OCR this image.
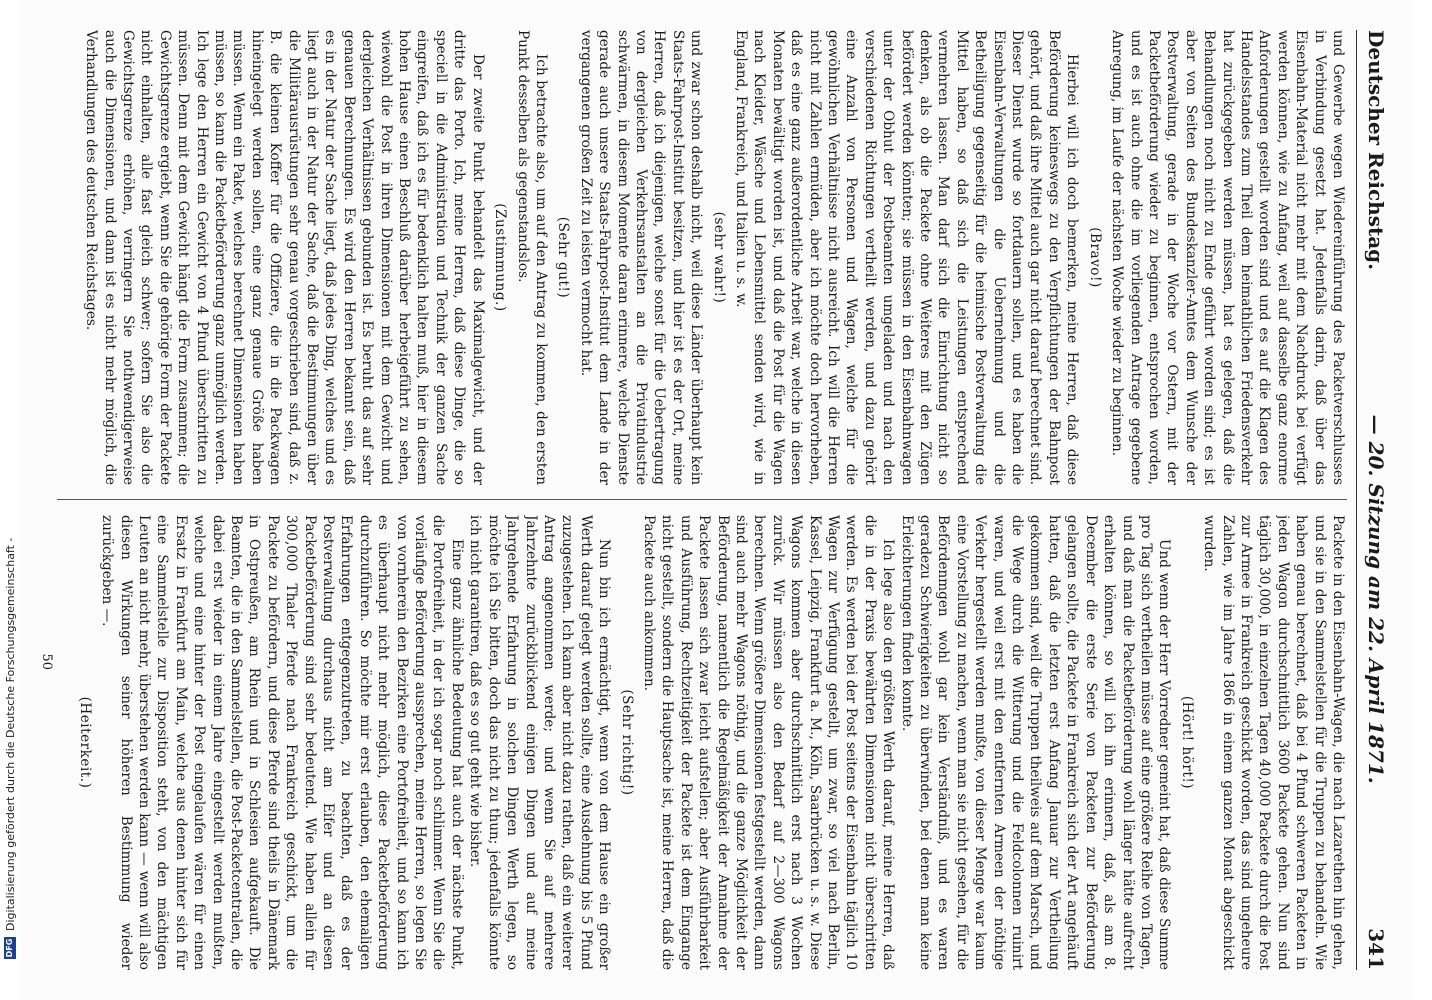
Deutscher Reichstag.
— 20. Sitzung am 22. April 1871.
341

und Gewerbe wegen Wiedereinführung des Packetverschlusses in Verbindung gesetzt hat. Jedenfalls darin, daß über das Eisenbahn-Material nicht mehr mit dem Nachdruck bei verfügt werden können, wie zu Anfang, weil auf dasselbe ganz enorme Anforderungen gestellt worden sind und es auf die Klagen des Handelsstandes zum Theil dem heimathlichen Friedensverkehr hat zurückgegeben werden müssen, hat es gelegen, daß die Behandlungen noch nicht zu Ende geführt worden sind; es ist aber von Seiten des Bundeskanzler-Amtes dem Wunsche der Postverwaltung, gerade in der Woche vor Ostern, mit der Packetbeförderung wieder zu beginnen, entsprochen worden, und es ist auch ohne die im vorliegenden Antrage gegebene Anregung, im Laufe der nächsten Woche wieder zu beginnen.

(Bravo!)

Hierbei will ich doch bemerken, meine Herren, daß diese Beförderung keineswegs zu den Verpflichtungen der Bahnpost gehört, und daß ihre Mittel auch gar nicht darauf berechnet sind. Dieser Dienst wurde so fortdauern sollen, und es haben die Eisenbahn-Verwaltungen die Uebernehmung und die Betheiligung gegenseitig für die heimische Postverwaltung die Mittel haben, so daß sich die Leistungen entsprechend vermehren lassen. Man darf sich die Einrichtung nicht so denken, als ob die Packete ohne Weiteres mit den Zügen befördert werden könnten; sie müssen in den Eisenbahnwagen unter der Obhut der Postbeamten umgeladen und nach den verschiedenen Richtungen vertheilt werden, und dazu gehört eine Anzahl von Personen und Wagen, welche für die gewöhnlichen Verhältnisse nicht ausreicht. Ich will die Herren nicht mit Zahlen ermüden, aber ich möchte doch hervorheben, daß es eine ganz außerordentliche Arbeit war, welche in diesen Monaten bewältigt worden ist, und daß die Post für die Wagen nach Kleider, Wäsche und Lebensmittel senden wird, wie in England, Frankreich, und Italien u. s. w.

(sehr wahr!)

und zwar schon deshalb nicht, weil diese Länder überhaupt kein Staats-Fahrpost-Institut besitzen, und hier ist es der Ort, meine Herren, daß ich diejenigen, welche sonst für die Uebertragung von dergleichen Verkehrsanstalten an die Privatindustrie schwärmen, in diesem Momente daran erinnere, welche Dienste gerade auch unsere Staats-Fahrpost-Institut dem Lande in der vergangenen großen Zeit zu leisten vermocht hat.

(Sehr gut!)

Ich betrachte also, um auf den Antrag zu kommen, den ersten Punkt desselben als gegenstandslos.

(Zustimmung.)

Der zweite Punkt behandelt das Maximalgewicht, und der dritte das Porto. Ich, meine Herren, daß diese Dinge, die so speciell in die Administration und Technik der ganzen Sache eingreifen, daß ich es für bedenklich halten muß, hier in diesem hohen Hause einen Beschluß darüber herbeigeführt zu sehen, wiewohl die Post in ihren Dimensionen mit dem Gewicht und dergleichen Verhältnissen gebunden ist. Es beruht das auf sehr genauen Berechnungen. Es wird den Herren bekannt sein, daß es in der Natur der Sache liegt, daß jedes Ding, welches und es liegt auch in der Natur der Sache, daß die Bestimmungen über die Militärausrüstungen sehr genau vorgeschrieben sind, daß z. B. die kleinen Koffer für die Offiziere, die in die Packwagen hineingelegt werden sollen, eine ganz genaue Größe haben müssen. Wenn ein Paket, welches berechnet Dimensionen haben müssen, so kann die Packetbeförderung ganz unmöglich werden. Ich lege den Herren ein Gewicht von 4 Pfund überschritten zu müssen. Denn mit dem Gewicht hängt die Form zusammen; die Gewichtsgrenze ergiebt, wenn Sie die gehörige Form der Packete nicht einhalten, alle fast gleich schwer; sofern Sie also die Gewichtsgrenze erhöhen, verringern Sie nothwendigerweise auch die Dimensionen, und dann ist es nicht mehr möglich, die Verhandlungen des deutschen Reichstages.

Packete in den Eisenbahn-Wagen, die nach Lazarethen hin gehen, und sie in den Sammelstellen für die Truppen zu behandeln. Wie haben genau berechnet, daß bei 4 Pfund schweren Packeten in jeden Wagon durchschnittlich 3600 Packete gehen. Nun sind täglich 30,000, in einzelnen Tagen 40,000 Packete durch die Post zur Armee in Frankreich geschickt worden, das sind ungeheure Zahlen, wie im Jahre 1866 in einem ganzen Monat abgeschickt wurden.

(Hört! hört!)

Und wenn der Herr Vorredner gemeint hat, daß diese Summe pro Tag sich vertheilen müsse auf eine größere Reihe von Tagen, und daß man die Packetbeförderung wohl länger hätte aufrecht erhalten können, so will ich ihn erinnern, daß, als am 8. December die erste Serie von Packeten zur Beförderung gelangen sollte, die Packete in Frankreich sich der Art angehäuft hatten, daß die letzten erst Anfang Januar zur Vertheilung gekommen sind, weil die Truppen theilweis auf dem Marsch, und die Wege durch die Witterung und die Feldcolonnen ruinirt waren, und weil erst mit den entfernten Armeen der nöthige Verkehr hergestellt werden mußte, von dieser Menge war kaum eine Vorstellung zu machen, wenn man sie nicht gesehen, für die Befördenmgen wohl gar kein Verständniß, und es waren geradezu Schwierigkeiten zu überwinden, bei denen man keine Erleichterungen finden konnte.

Ich lege also den größten Werth darauf, meine Herren, daß die in der Praxis bewährten Dimensionen nicht überschritten werden. Es werden bei der Post seitens der Eisenbahn täglich 10 Wagen zur Verfügung gestellt, um zwar, so viel nach Berlin, Kassel, Leipzig, Frankfurt a. M., Köln, Saarbrücken u. s. w. Diese Wagons kommen aber durchschnittlich erst nach 3 Wochen zurück. Wir müssen also den Bedarf auf 2—300 Wagons berechnen. Wenn größere Dimensionen festgestellt werden, dann sind auch mehr Wagons nöthig, und die ganze Möglichkeit der Beförderung, namentlich die Regelmäßigkeit der Annahme der Packete lassen sich zwar leicht aufstellen; aber Ausführbarkeit und Ausführung, Rechtzeitigkeit der Packete ist dem Eingange nicht gestellt, sondern die Hauptsache ist, meine Herren, daß die Packete auch ankommen.

(Sehr richtig!)

Nun bin ich ermächtigt, wenn von dem Hause ein großer Werth darauf gelegt werden sollte, eine Ausdehnung bis 5 Pfund zuzugestehen. Ich kann aber nicht dazu rathen, daß ein weiterer Antrag angenommen werde; und wenn Sie auf mehrere Jahrzehnte zurückblickend einigen Dingen und auf meine Jahrgehende Erfahrung in solchen Dingen Werth legen, so möchte ich Sie bitten, doch das nicht zu thun; jedenfalls könnte ich nicht garantiren, daß es so gut geht wie bisher.

Eine ganz ähnliche Bedeutung hat auch der nächste Punkt, die Portofreiheit, in der ich sogar noch schlimmer. Wenn Sie die vorläufige Beförderung aussprechen, meine Herren, so legen Sie von vornherein den Bezirken eine Portofreiheit, und so kann ich es überhaupt nicht mehr möglich, diese Packetbeförderung durchzuführen. So möchte mir erst erlauben, den ehemaligen Erfahrungen entgegenzutreten, zu beachten, daß es der Postverwaltung durchaus nicht am Eifer und an diesen Packetbeförderung sind sehr bedeutend. Wie haben allein für 300,000 Thaler Pferde nach Frankreich geschickt, um die Packete zu befördern, und diese Pferde sind theils in Dänemark in Ostpreußen, am Rhein und in Schlesien aufgekauft. Die Beamten, die in den Sammelstellen, die Post-Packetcentralen, die dabei erst wieder in einem Jahre eingestellt werden mußten, welche und eine hinter der Post eingelaufen wären für einen Ersatz in Frankfurt am Main, welche aus denen hinter sich für eine Sammelstelle zur Disposition steht, von den mächtigen Leuten an nicht mehr, überstehen werden kann — wenn will also diesen Wirkungen seiner höheren Bestimmung wieder zurückgeben —.

(Heiterkeit.)

50
DFG
Digitalisierung gefördert durch die Deutsche Forschungsgemeinschaft -
